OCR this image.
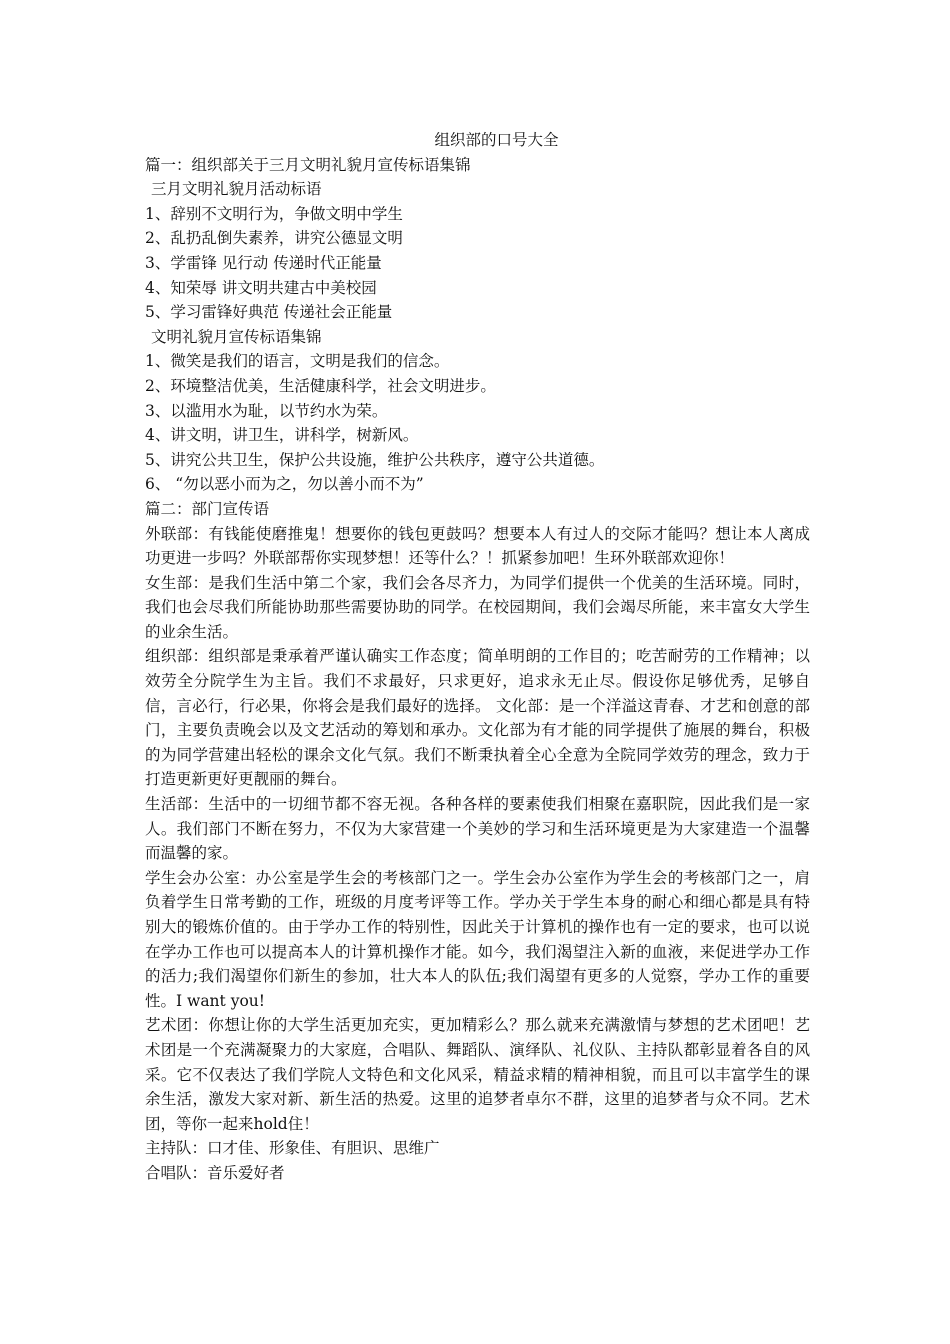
组织部的口号大全
篇一：组织部关于三月文明礼貌月宣传标语集锦
三月文明礼貌月活动标语
1、辞别不文明行为，争做文明中学生
2、乱扔乱倒失素养，讲究公德显文明
3、学雷锋 见行动 传递时代正能量
4、知荣辱 讲文明共建古中美校园
5、学习雷锋好典范 传递社会正能量
文明礼貌月宣传标语集锦
1、微笑是我们的语言，文明是我们的信念。
2、环境整洁优美，生活健康科学，社会文明进步。
3、以滥用水为耻，以节约水为荣。
4、讲文明，讲卫生，讲科学，树新风。
5、讲究公共卫生，保护公共设施，维护公共秩序，遵守公共道德。
6、 “勿以恶小而为之，勿以善小而不为”
篇二：部门宣传语

外联部：有钱能使磨推鬼！想要你的钱包更鼓吗？想要本人有过人的交际才能吗？想让本人离成功更进一步吗？外联部帮你实现梦想！还等什么？！抓紧参加吧！生环外联部欢迎你！

女生部：是我们生活中第二个家，我们会各尽齐力，为同学们提供一个优美的生活环境。同时，我们也会尽我们所能协助那些需要协助的同学。在校园期间，我们会竭尽所能，来丰富女大学生的业余生活。

组织部：组织部是秉承着严谨认确实工作态度；简单明朗的工作目的；吃苦耐劳的工作精神；以效劳全分院学生为主旨。我们不求最好，只求更好，追求永无止尽。假设你足够优秀，足够自信，言必行，行必果，你将会是我们最好的选择。 文化部：是一个洋溢这青春、才艺和创意的部门，主要负责晚会以及文艺活动的筹划和承办。文化部为有才能的同学提供了施展的舞台，积极的为同学营建出轻松的课余文化气氛。我们不断秉执着全心全意为全院同学效劳的理念，致力于打造更新更好更靓丽的舞台。

生活部：生活中的一切细节都不容无视。各种各样的要素使我们相聚在嘉职院，因此我们是一家人。我们部门不断在努力，不仅为大家营建一个美妙的学习和生活环境更是为大家建造一个温馨而温馨的家。

学生会办公室：办公室是学生会的考核部门之一。学生会办公室作为学生会的考核部门之一，肩负着学生日常考勤的工作，班级的月度考评等工作。学办关于学生本身的耐心和细心都是具有特别大的锻炼价值的。由于学办工作的特别性，因此关于计算机的操作也有一定的要求，也可以说在学办工作也可以提高本人的计算机操作才能。如今，我们渴望注入新的血液，来促进学办工作的活力;我们渴望你们新生的参加，壮大本人的队伍;我们渴望有更多的人觉察，学办工作的重要性。I want you!

艺术团：你想让你的大学生活更加充实，更加精彩么？那么就来充满激情与梦想的艺术团吧！艺术团是一个充满凝聚力的大家庭，合唱队、舞蹈队、演绎队、礼仪队、主持队都彰显着各自的风采。它不仅表达了我们学院人文特色和文化风采，精益求精的精神相貌，而且可以丰富学生的课余生活，激发大家对新、新生活的热爱。这里的追梦者卓尔不群，这里的追梦者与众不同。艺术团，等你一起来hold住！

主持队：口才佳、形象佳、有胆识、思维广
合唱队：音乐爱好者
